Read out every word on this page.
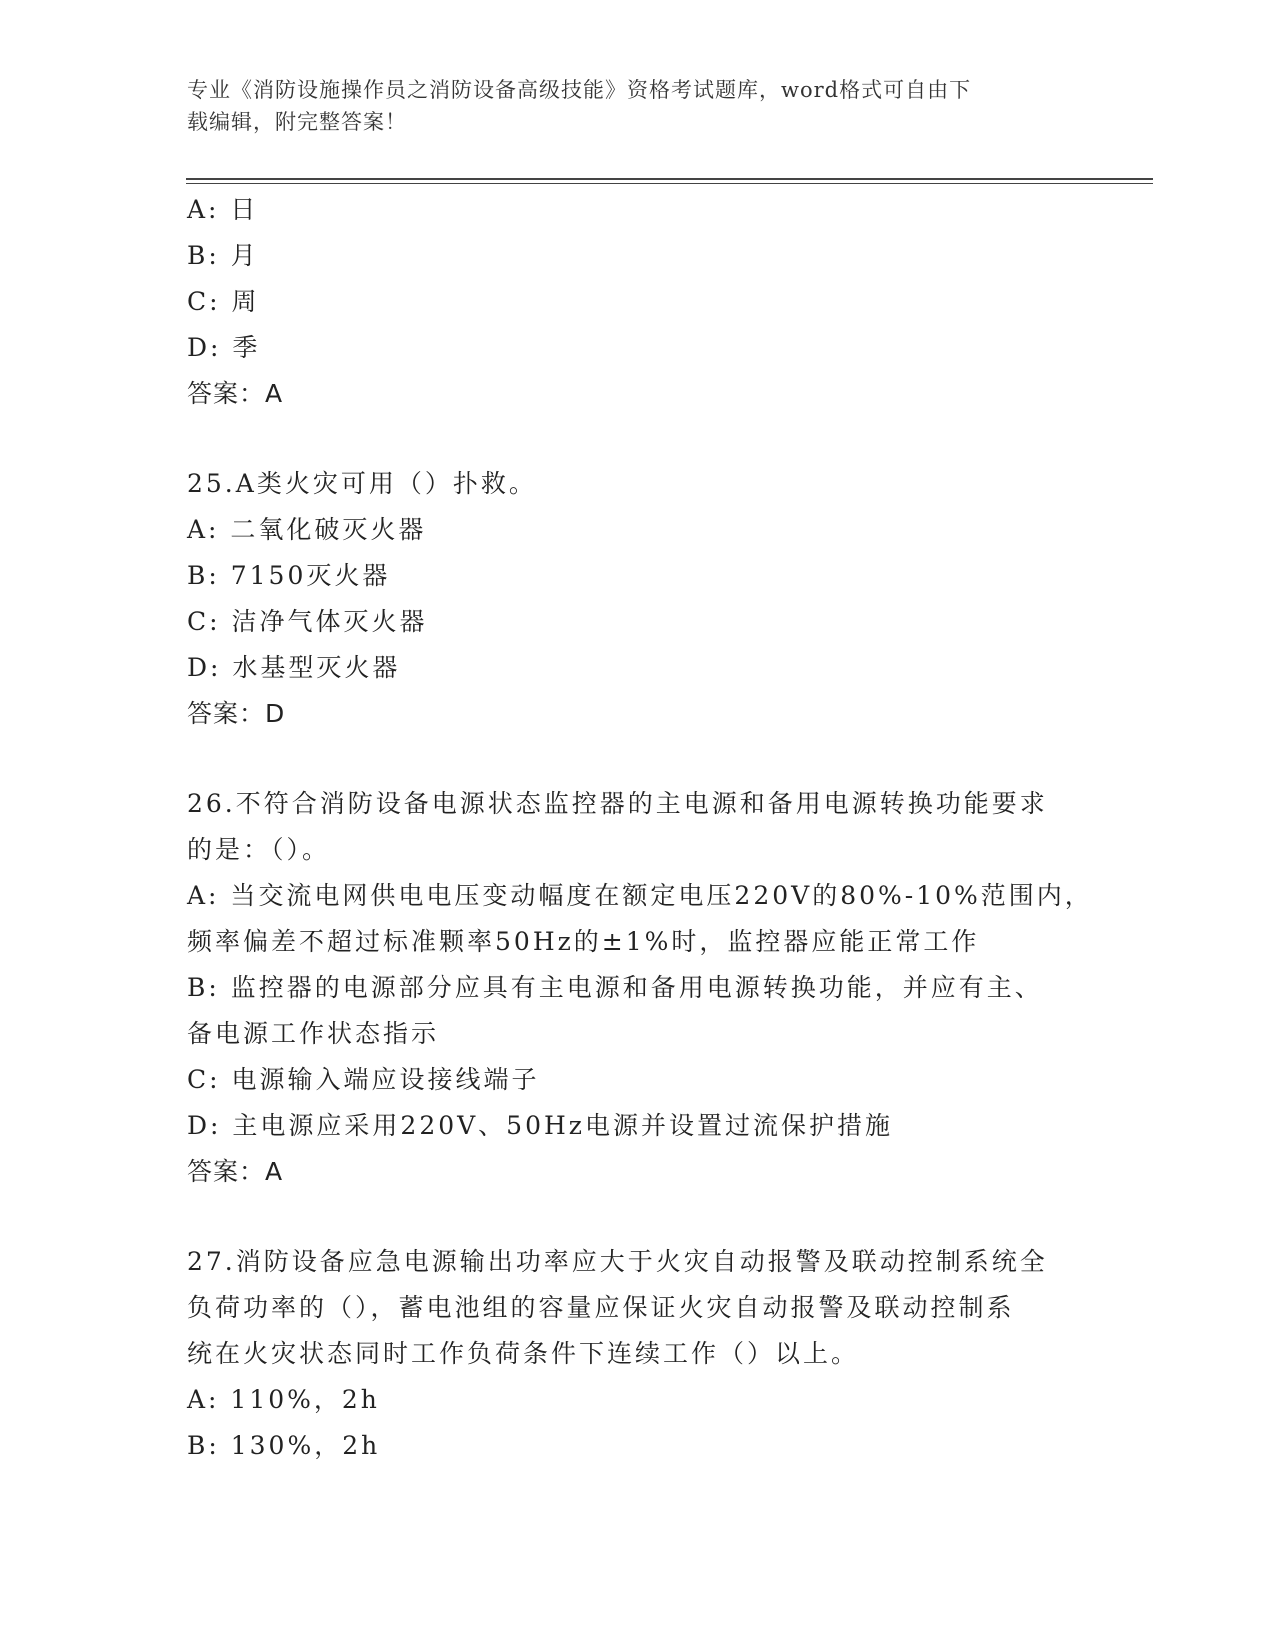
专业《消防设施操作员之消防设备高级技能》资格考试题库，word格式可自由下
载编辑，附完整答案！
A: 日
B: 月
C: 周
D: 季
答案：A
25.A类火灾可用（）扑救。
A: 二氧化破灭火器
B: 7150灭火器
C: 洁净气体灭火器
D: 水基型灭火器
答案：D
26.不符合消防设备电源状态监控器的主电源和备用电源转换功能要求
的是：（）。
A: 当交流电网供电电压变动幅度在额定电压220V的80%-10%范围内，
频率偏差不超过标准颗率50Hz的±1%时，监控器应能正常工作
B: 监控器的电源部分应具有主电源和备用电源转换功能，并应有主、
备电源工作状态指示
C: 电源输入端应设接线端子
D: 主电源应采用220V、50Hz电源并设置过流保护措施
答案：A
27.消防设备应急电源输出功率应大于火灾自动报警及联动控制系统全
负荷功率的（），蓄电池组的容量应保证火灾自动报警及联动控制系
统在火灾状态同时工作负荷条件下连续工作（）以上。
A: 110%，2h
B: 130%，2h
